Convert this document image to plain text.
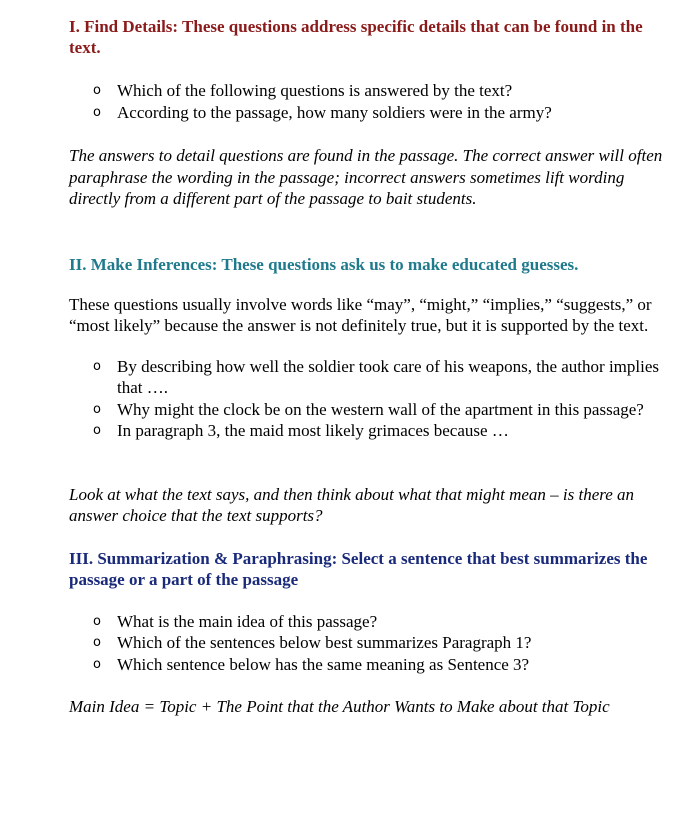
I. Find Details: These questions address specific details that can be found in the text.
o Which of the following questions is answered by the text?
o According to the passage, how many soldiers were in the army?

The answers to detail questions are found in the passage. The correct answer will often paraphrase the wording in the passage; incorrect answers sometimes lift wording directly from a different part of the passage to bait students.

II. Make Inferences: These questions ask us to make educated guesses.

These questions usually involve words like “may”, “might,” “implies,” “suggests,” or “most likely” because the answer is not definitely true, but it is supported by the text.

o By describing how well the soldier took care of his weapons, the author implies that ….
o Why might the clock be on the western wall of the apartment in this passage?
o In paragraph 3, the maid most likely grimaces because …

Look at what the text says, and then think about what that might mean – is there an answer choice that the text supports?

III. Summarization & Paraphrasing: Select a sentence that best summarizes the passage or a part of the passage
o What is the main idea of this passage?
o Which of the sentences below best summarizes Paragraph 1?
o Which sentence below has the same meaning as Sentence 3?

Main Idea = Topic + The Point that the Author Wants to Make about that Topic
